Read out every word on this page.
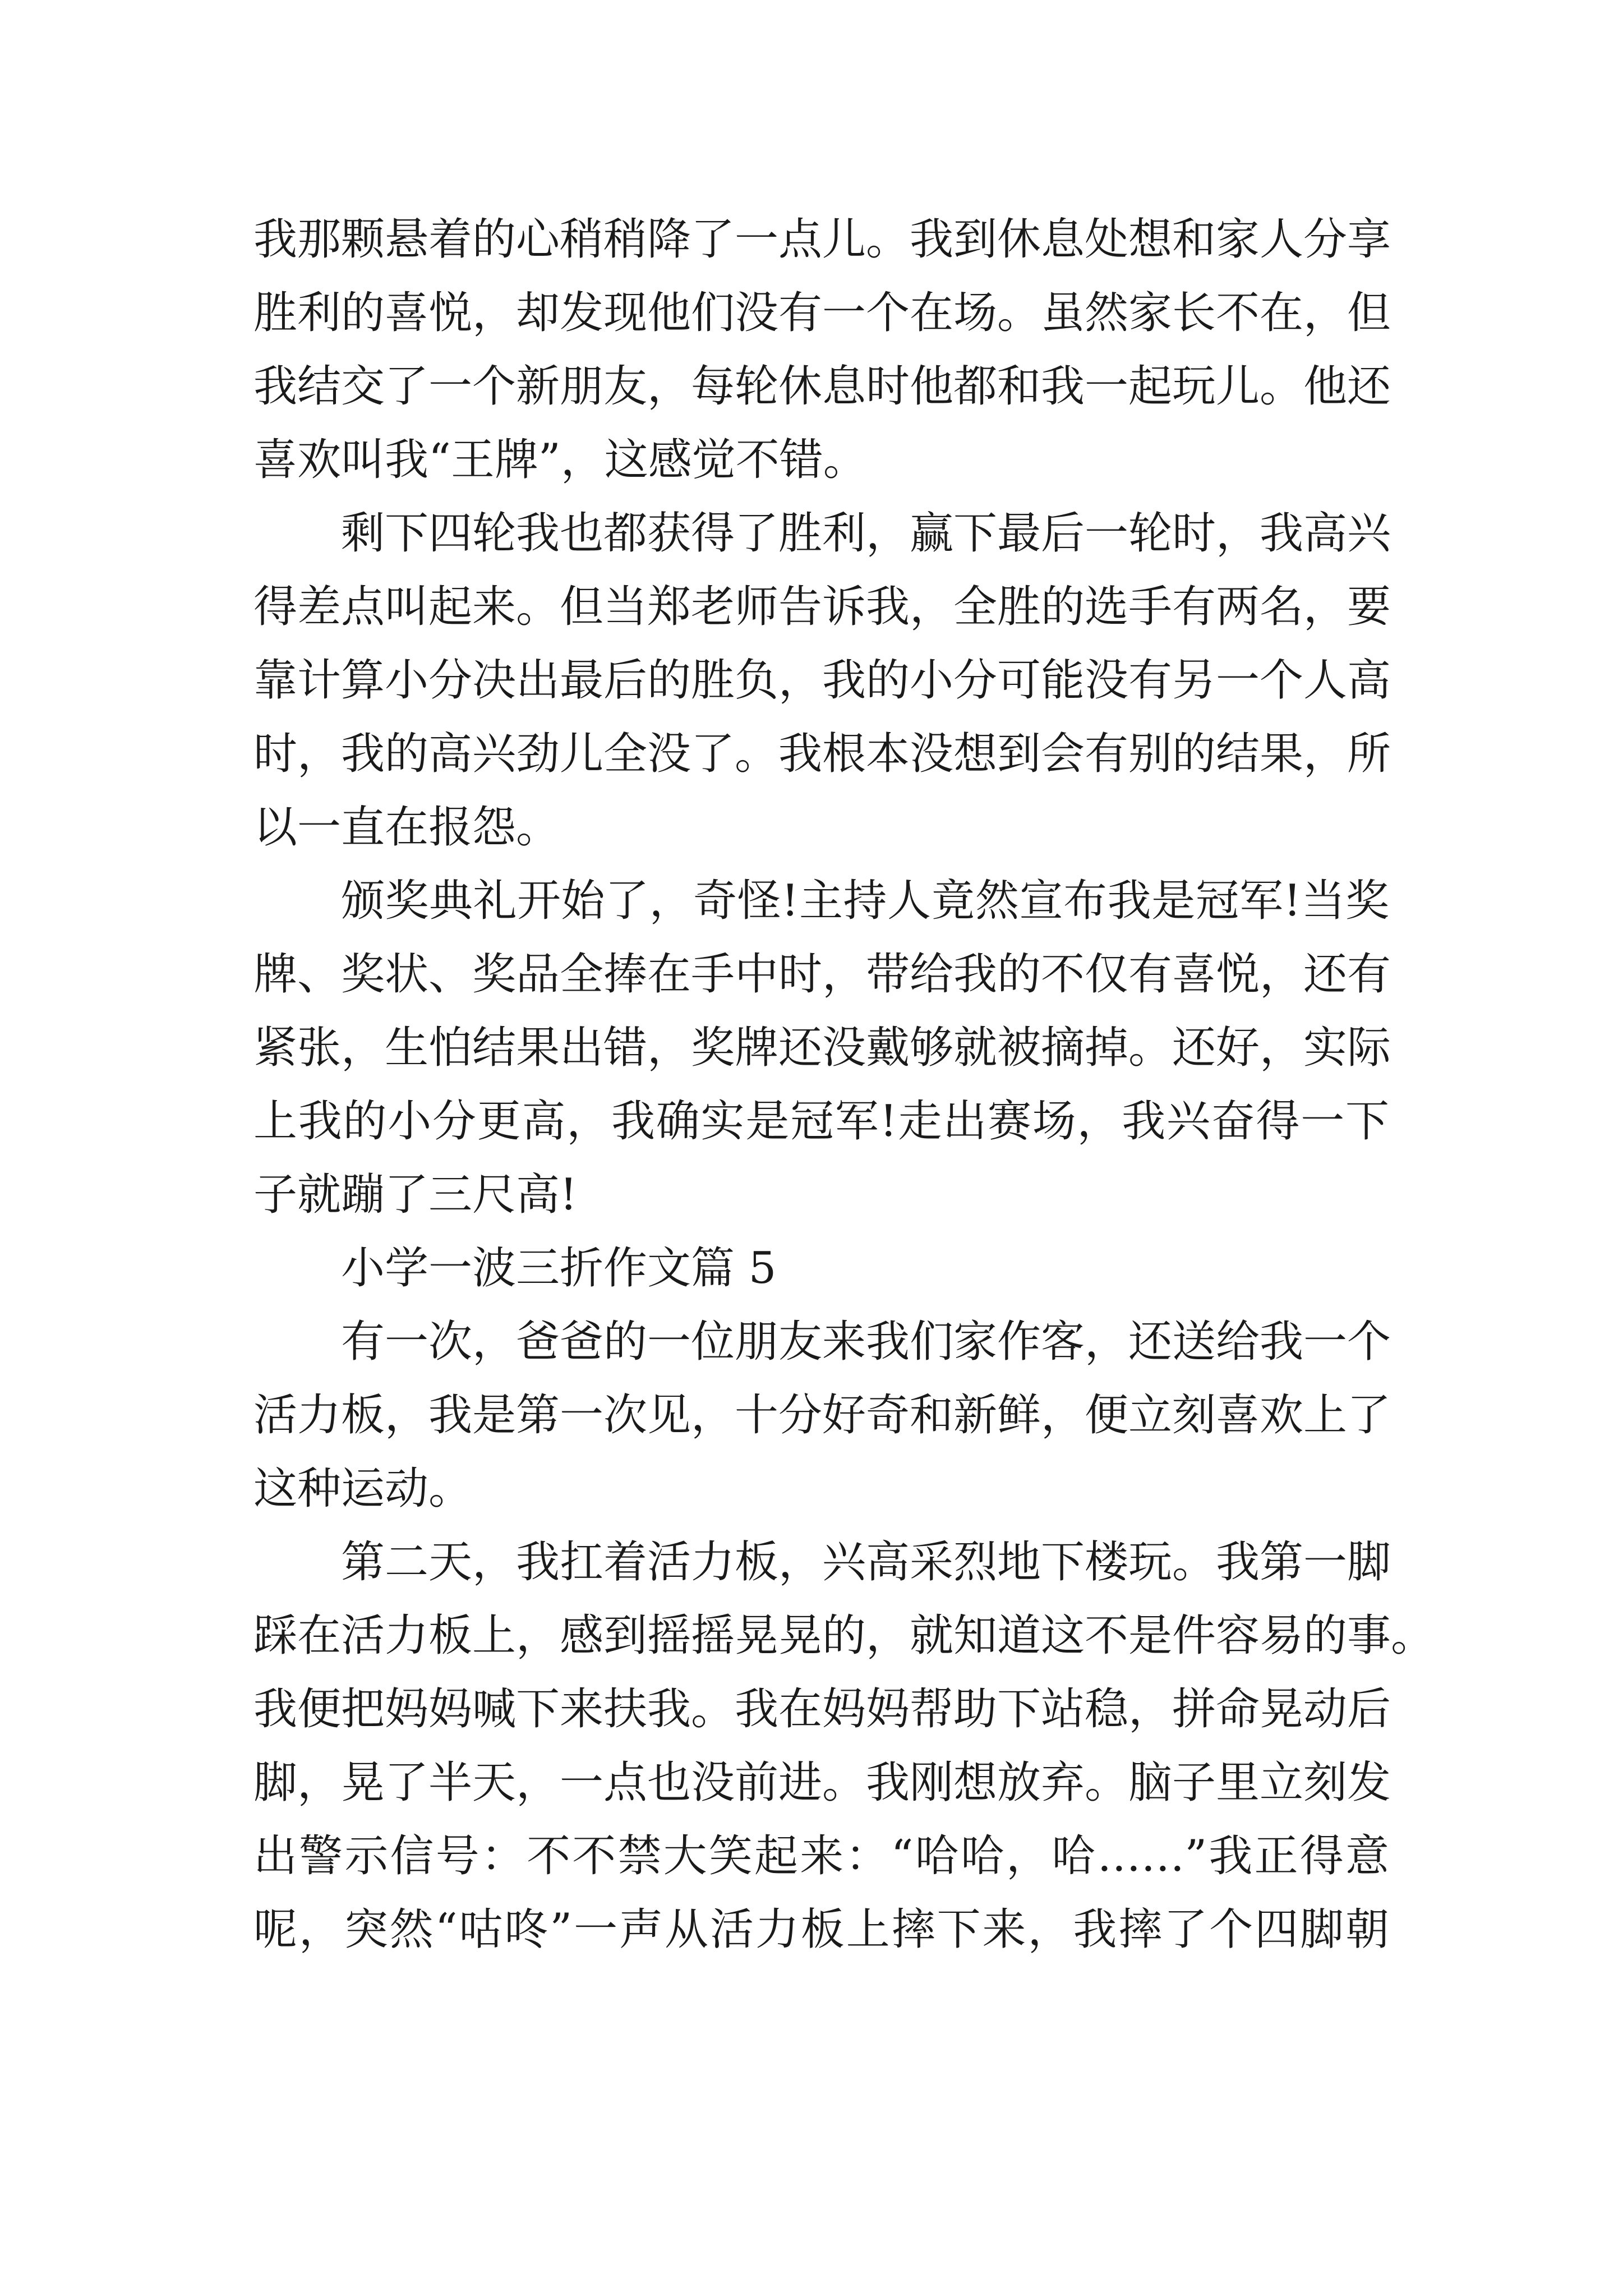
我那颗悬着的心稍稍降了一点儿。我到休息处想和家人分享
胜利的喜悦，却发现他们没有一个在场。虽然家长不在，但
我结交了一个新朋友，每轮休息时他都和我一起玩儿。他还
喜欢叫我“王牌”，这感觉不错。
剩下四轮我也都获得了胜利，赢下最后一轮时，我高兴
得差点叫起来。但当郑老师告诉我，全胜的选手有两名，要
靠计算小分决出最后的胜负，我的小分可能没有另一个人高
时，我的高兴劲儿全没了。我根本没想到会有别的结果，所
以一直在报怨。
颁奖典礼开始了，奇怪!主持人竟然宣布我是冠军!当奖
牌、奖状、奖品全捧在手中时，带给我的不仅有喜悦，还有
紧张，生怕结果出错，奖牌还没戴够就被摘掉。还好，实际
上我的小分更高，我确实是冠军!走出赛场，我兴奋得一下
子就蹦了三尺高!
小学一波三折作文篇 5
有一次，爸爸的一位朋友来我们家作客，还送给我一个
活力板，我是第一次见，十分好奇和新鲜，便立刻喜欢上了
这种运动。
第二天，我扛着活力板，兴高采烈地下楼玩。我第一脚
踩在活力板上，感到摇摇晃晃的，就知道这不是件容易的事。
我便把妈妈喊下来扶我。我在妈妈帮助下站稳，拼命晃动后
脚，晃了半天，一点也没前进。我刚想放弃。脑子里立刻发
出警示信号：不不禁大笑起来：“哈哈，哈……”我正得意
呢，突然“咕咚”一声从活力板上摔下来，我摔了个四脚朝
